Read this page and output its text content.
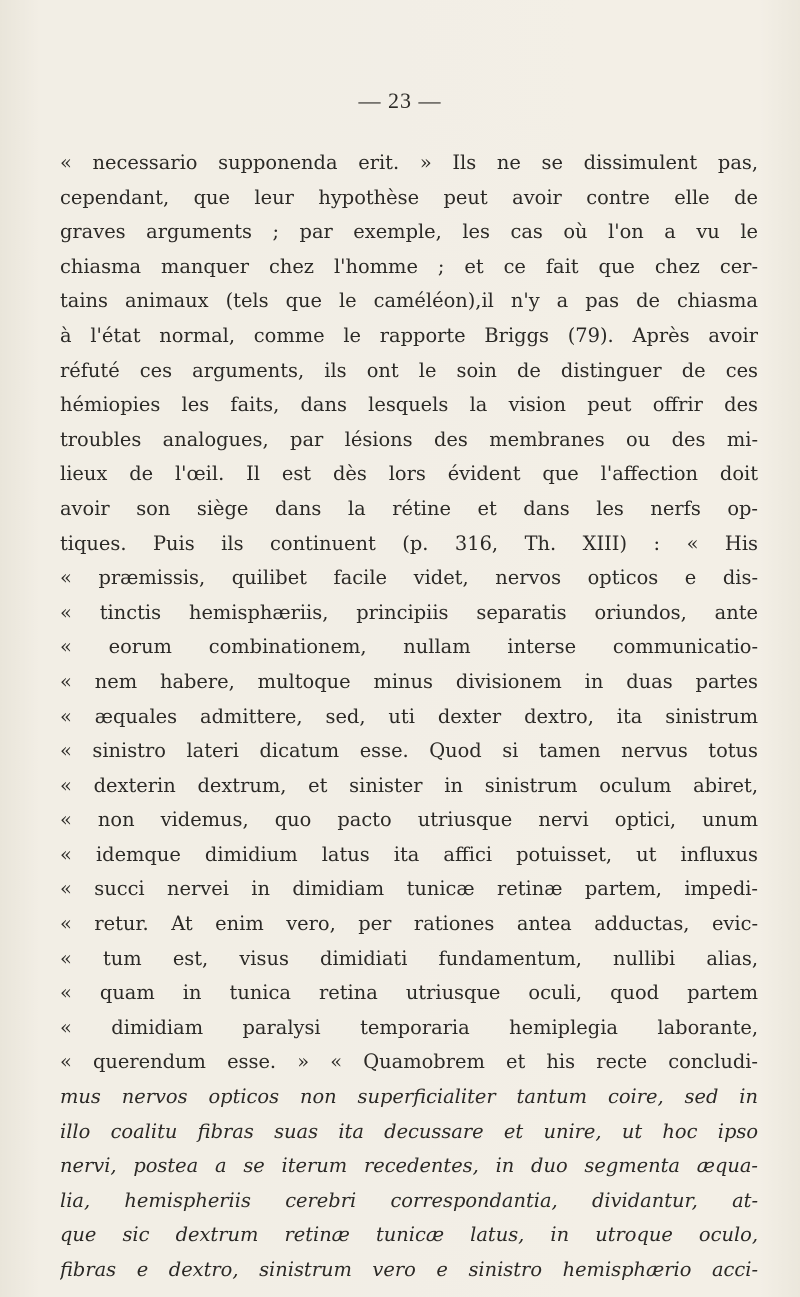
— 23 —
« necessario supponenda erit. » Ils ne se dissimulent pas,
cependant, que leur hypothèse peut avoir contre elle de
graves arguments ; par exemple, les cas où l'on a vu le
chiasma manquer chez l'homme ; et ce fait que chez cer-
tains animaux (tels que le caméléon),il n'y a pas de chiasma
à l'état normal, comme le rapporte Briggs (79). Après avoir
réfuté ces arguments, ils ont le soin de distinguer de ces
hémiopies les faits, dans lesquels la vision peut offrir des
troubles analogues, par lésions des membranes ou des mi-
lieux de l'œil. Il est dès lors évident que l'affection doit
avoir son siège dans la rétine et dans les nerfs op-
tiques. Puis ils continuent (p. 316, Th. XIII) : « His
« præmissis, quilibet facile videt, nervos opticos e dis-
« tinctis hemisphæriis, principiis separatis oriundos, ante
« eorum combinationem, nullam interse communicatio-
« nem habere, multoque minus divisionem in duas partes
« æquales admittere, sed, uti dexter dextro, ita sinistrum
« sinistro lateri dicatum esse. Quod si tamen nervus totus
« dexterin dextrum, et sinister in sinistrum oculum abiret,
« non videmus, quo pacto utriusque nervi optici, unum
« idemque dimidium latus ita affici potuisset, ut influxus
« succi nervei in dimidiam tunicæ retinæ partem, impedi-
« retur. At enim vero, per rationes antea adductas, evic-
« tum est, visus dimidiati fundamentum, nullibi alias,
« quam in tunica retina utriusque oculi, quod partem
« dimidiam paralysi temporaria hemiplegia laborante,
« querendum esse. » « Quamobrem et his recte concludi-
mus nervos opticos non superficialiter tantum coire, sed in
illo coalitu fibras suas ita decussare et unire, ut hoc ipso
nervi, postea a se iterum recedentes, in duo segmenta æqua-
lia, hemispheriis cerebri correspondantia, dividantur, at-
que sic dextrum retinæ tunicæ latus, in utroque oculo,
fibras e dextro, sinistrum vero e sinistro hemisphærio acci-
